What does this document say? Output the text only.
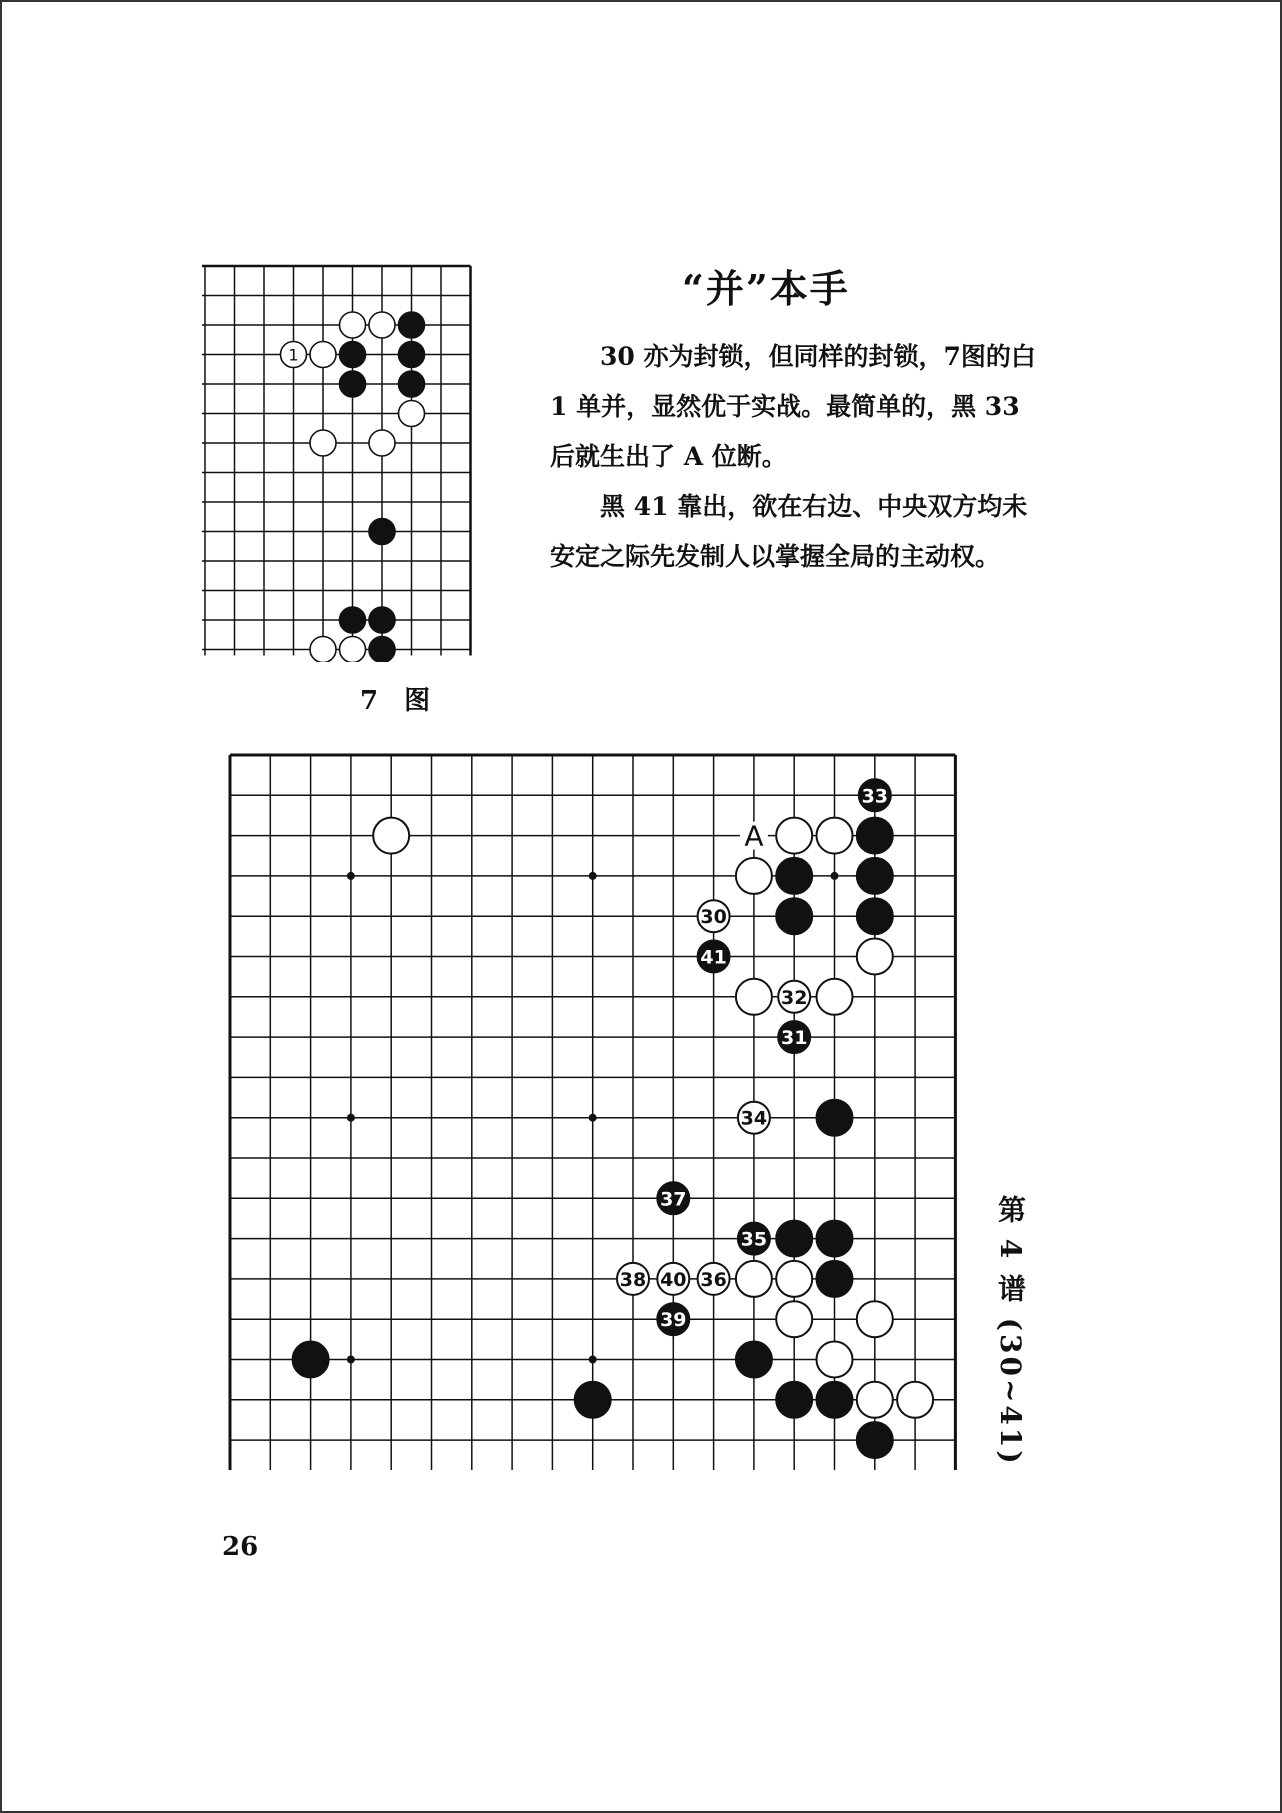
1
7 图
“并”本手

30 亦为封锁，但同样的封锁，7图的白 1 单并，显然优于实战。最简单的，黑 33 后就生出了 A 位断。

黑 41 靠出，欲在右边、中央双方均未安定之际先发制人以掌握全局的主动权。

A
33
30
41
32
31
34
37
35
38 40 36
39	第 4 谱 (30~41)
26
